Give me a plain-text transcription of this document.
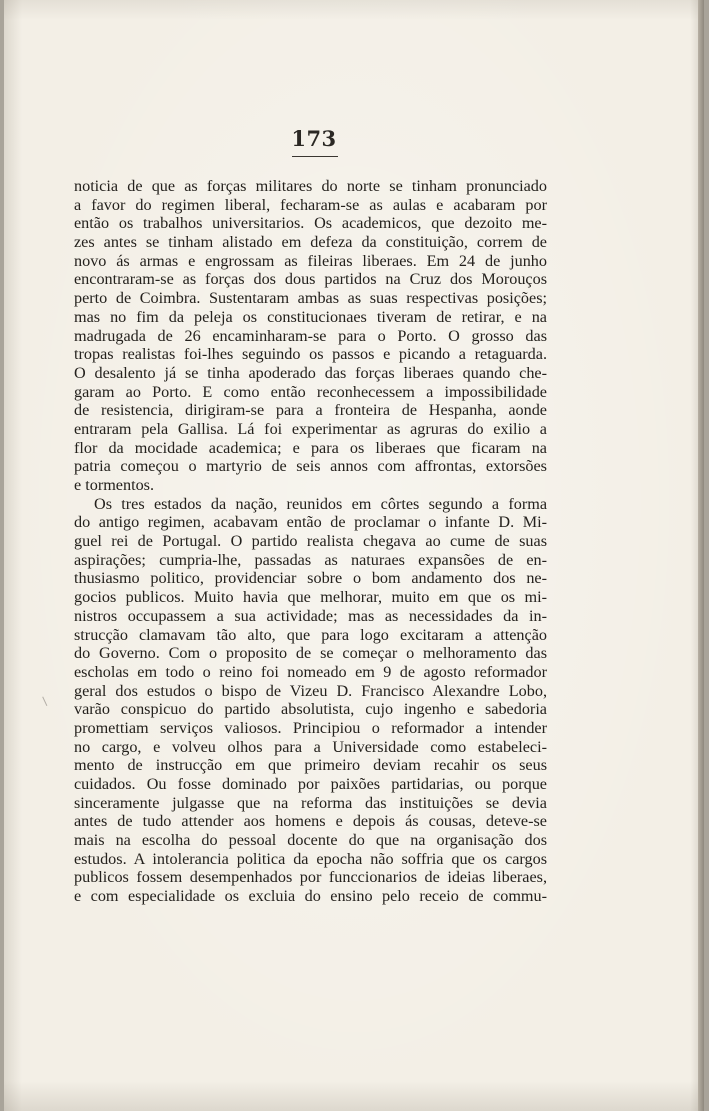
173
noticia de que as forças militares do norte se tinham pronunciado
a favor do regimen liberal, fecharam-se as aulas e acabaram por
então os trabalhos universitarios. Os academicos, que dezoito me-
zes antes se tinham alistado em defeza da constituição, correm de
novo ás armas e engrossam as fileiras liberaes. Em 24 de junho
encontraram-se as forças dos dous partidos na Cruz dos Morouços
perto de Coimbra. Sustentaram ambas as suas respectivas posições;
mas no fim da peleja os constitucionaes tiveram de retirar, e na
madrugada de 26 encaminharam-se para o Porto. O grosso das
tropas realistas foi-lhes seguindo os passos e picando a retaguarda.
O desalento já se tinha apoderado das forças liberaes quando che-
garam ao Porto. E como então reconhecessem a impossibilidade
de resistencia, dirigiram-se para a fronteira de Hespanha, aonde
entraram pela Gallisa. Lá foi experimentar as agruras do exilio a
flor da mocidade academica; e para os liberaes que ficaram na
patria começou o martyrio de seis annos com affrontas, extorsões
e tormentos.
Os tres estados da nação, reunidos em côrtes segundo a forma
do antigo regimen, acabavam então de proclamar o infante D. Mi-
guel rei de Portugal. O partido realista chegava ao cume de suas
aspirações; cumpria-lhe, passadas as naturaes expansões de en-
thusiasmo politico, providenciar sobre o bom andamento dos ne-
gocios publicos. Muito havia que melhorar, muito em que os mi-
nistros occupassem a sua actividade; mas as necessidades da in-
strucção clamavam tão alto, que para logo excitaram a attenção
do Governo. Com o proposito de se começar o melhoramento das
escholas em todo o reino foi nomeado em 9 de agosto reformador
geral dos estudos o bispo de Vizeu D. Francisco Alexandre Lobo,
varão conspicuo do partido absolutista, cujo ingenho e sabedoria
promettiam serviços valiosos. Principiou o reformador a intender
no cargo, e volveu olhos para a Universidade como estabeleci-
mento de instrucção em que primeiro deviam recahir os seus
cuidados. Ou fosse dominado por paixões partidarias, ou porque
sinceramente julgasse que na reforma das instituições se devia
antes de tudo attender aos homens e depois ás cousas, deteve-se
mais na escolha do pessoal docente do que na organisação dos
estudos. A intolerancia politica da epocha não soffria que os cargos
publicos fossem desempenhados por funccionarios de ideias liberaes,
e com especialidade os excluia do ensino pelo receio de commu-
